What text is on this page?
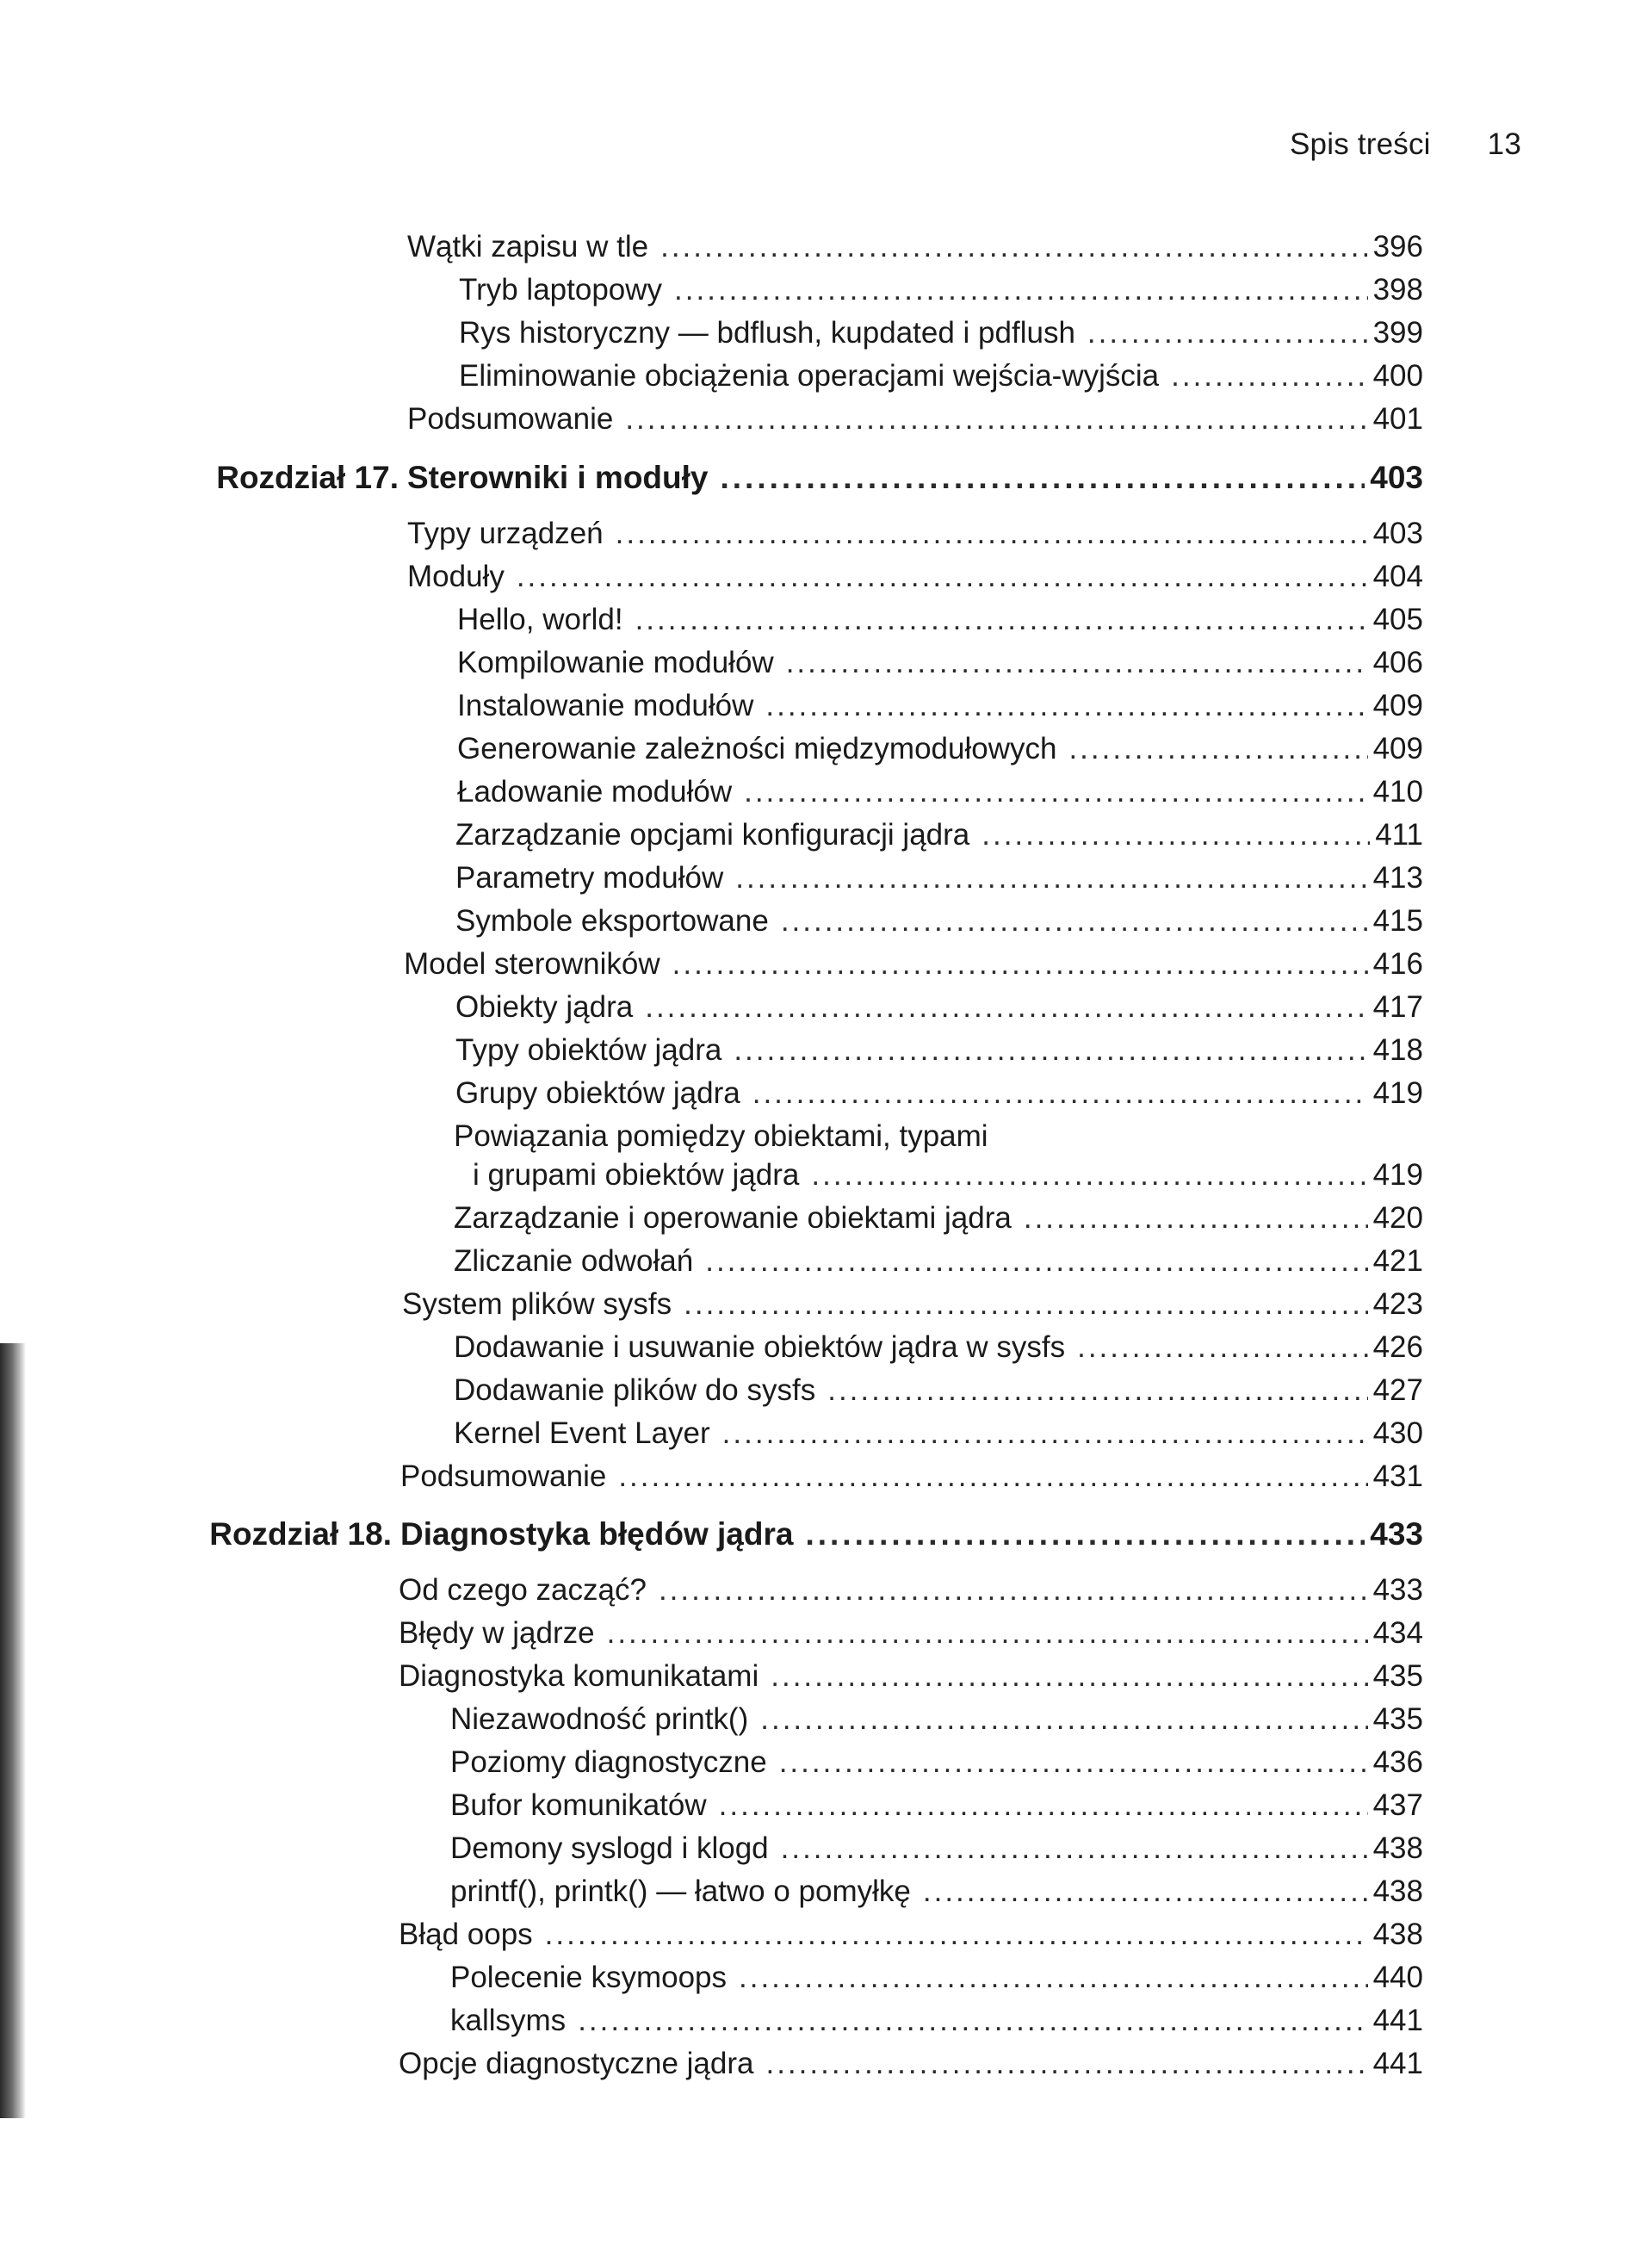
Spis treści 13
Wątki zapisu w tle .....	396
Tryb laptopowy .....	398
Rys historyczny — bdflush, kupdated i pdflush .....	399
Eliminowanie obciążenia operacjami wejścia-wyjścia .....	400
Podsumowanie .....	401
Rozdział 17. Sterowniki i moduły .....	403
Typy urządzeń .....	403
Moduły .....	404
Hello, world! .....	405
Kompilowanie modułów .....	406
Instalowanie modułów .....	409
Generowanie zależności międzymodułowych .....	409
Ładowanie modułów .....	410
Zarządzanie opcjami konfiguracji jądra .....	411
Parametry modułów .....	413
Symbole eksportowane .....	415
Model sterowników .....	416
Obiekty jądra .....	417
Typy obiektów jądra .....	418
Grupy obiektów jądra .....	419
Powiązania pomiędzy obiektami, typami
i grupami obiektów jądra .....	419
Zarządzanie i operowanie obiektami jądra .....	420
Zliczanie odwołań .....	421
System plików sysfs .....	423
Dodawanie i usuwanie obiektów jądra w sysfs .....	426
Dodawanie plików do sysfs .....	427
Kernel Event Layer .....	430
Podsumowanie .....	431
Rozdział 18. Diagnostyka błędów jądra .....	433
Od czego zacząć? .....	433
Błędy w jądrze .....	434
Diagnostyka komunikatami .....	435
Niezawodność printk() .....	435
Poziomy diagnostyczne .....	436
Bufor komunikatów .....	437
Demony syslogd i klogd .....	438
printf(), printk() — łatwo o pomyłkę .....	438
Błąd oops .....	438
Polecenie ksymoops .....	440
kallsyms .....	441
Opcje diagnostyczne jądra .....	441
